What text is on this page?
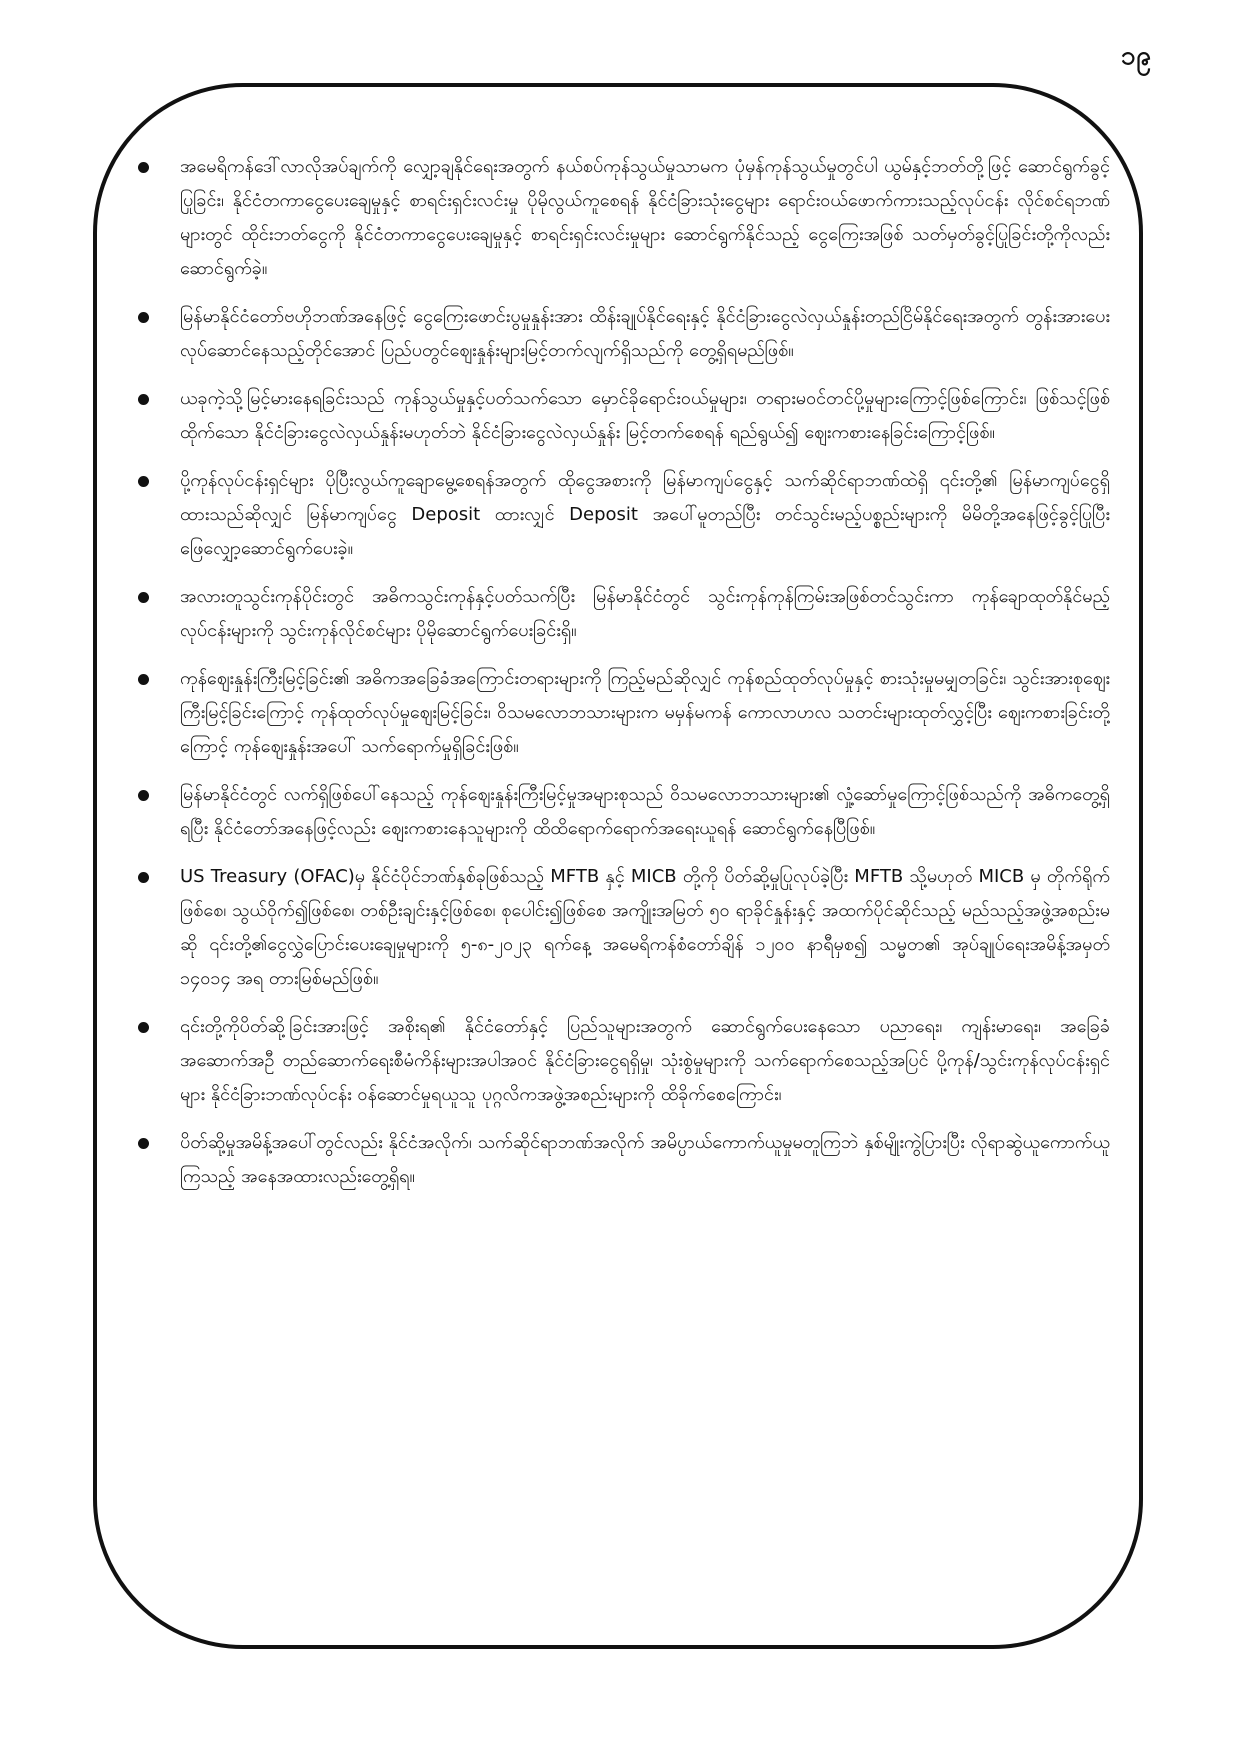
၁၉
အမေရိကန်ဒေါ်လာလိုအပ်ချက်ကို လျှော့ချနိုင်ရေးအတွက် နယ်စပ်ကုန်သွယ်မှုသာမက ပုံမှန်ကုန်သွယ်မှုတွင်ပါ ယွမ်နှင့်ဘတ်တို့ဖြင့် ဆောင်ရွက်ခွင့်ပြုခြင်း၊ နိုင်ငံတကာငွေပေးချေမှုနှင့် စာရင်းရှင်းလင်းမှု ပိုမိုလွယ်ကူစေရန် နိုင်ငံခြားသုံးငွေများ ရောင်းဝယ်ဖောက်ကားသည့်လုပ်ငန်း လိုင်စင်ရဘဏ်များတွင် ထိုင်းဘတ်ငွေကို နိုင်ငံတကာငွေပေးချေမှုနှင့် စာရင်းရှင်းလင်းမှုများ ဆောင်ရွက်နိုင်သည့် ငွေကြေးအဖြစ် သတ်မှတ်ခွင့်ပြုခြင်းတို့ကိုလည်း ဆောင်ရွက်ခဲ့။
မြန်မာနိုင်ငံတော်ဗဟိုဘဏ်အနေဖြင့် ငွေကြေးဖောင်းပွမှုနှုန်းအား ထိန်းချုပ်နိုင်ရေးနှင့် နိုင်ငံခြားငွေလဲလှယ်နှုန်းတည်ငြိမ်နိုင်ရေးအတွက် တွန်းအားပေးလုပ်ဆောင်နေသည့်တိုင်အောင် ပြည်ပတွင်ဈေးနှုန်းများမြင့်တက်လျက်ရှိသည်ကို တွေ့ရှိရမည်ဖြစ်။
ယခုကဲ့သို့မြင့်မားနေရခြင်းသည် ကုန်သွယ်မှုနှင့်ပတ်သက်သော မှောင်ခိုရောင်းဝယ်မှုများ၊ တရားမဝင်တင်ပို့မှုများကြောင့်ဖြစ်ကြောင်း၊ ဖြစ်သင့်ဖြစ်ထိုက်သော နိုင်ငံခြားငွေလဲလှယ်နှုန်းမဟုတ်ဘဲ နိုင်ငံခြားငွေလဲလှယ်နှုန်း မြင့်တက်စေရန် ရည်ရွယ်၍ ဈေးကစားနေခြင်းကြောင့်ဖြစ်။
ပို့ကုန်လုပ်ငန်းရှင်များ ပိုပြီးလွယ်ကူချောမွေ့စေရန်အတွက် ထိုငွေအစားကို မြန်မာကျပ်ငွေနှင့် သက်ဆိုင်ရာဘဏ်ထဲရှိ ၎င်းတို့၏ မြန်မာကျပ်ငွေရှိထားသည်ဆိုလျှင် မြန်မာကျပ်ငွေ Deposit ထားလျှင် Deposit အပေါ်မူတည်ပြီး တင်သွင်းမည့်ပစ္စည်းများကို မိမိတို့အနေဖြင့်ခွင့်ပြုပြီး ဖြေလျှော့ဆောင်ရွက်ပေးခဲ့။
အလားတူသွင်းကုန်ပိုင်းတွင် အဓိကသွင်းကုန်နှင့်ပတ်သက်ပြီး မြန်မာနိုင်ငံတွင် သွင်းကုန်ကုန်ကြမ်းအဖြစ်တင်သွင်းကာ ကုန်ချောထုတ်နိုင်မည့်လုပ်ငန်းများကို သွင်းကုန်လိုင်စင်များ ပိုမိုဆောင်ရွက်ပေးခြင်းရှိ။
ကုန်ဈေးနှုန်းကြီးမြင့်ခြင်း၏ အဓိကအခြေခံအကြောင်းတရားများကို ကြည့်မည်ဆိုလျှင် ကုန်စည်ထုတ်လုပ်မှုနှင့် စားသုံးမှုမမျှတခြင်း၊ သွင်းအားစုဈေးကြီးမြင့်ခြင်းကြောင့် ကုန်ထုတ်လုပ်မှုဈေးမြင့်ခြင်း၊ ဝိသမလောဘသားများက မမှန်မကန် ကောလာဟလ သတင်းများထုတ်လွှင့်ပြီး ဈေးကစားခြင်းတို့ကြောင့် ကုန်ဈေးနှုန်းအပေါ် သက်ရောက်မှုရှိခြင်းဖြစ်။
မြန်မာနိုင်ငံတွင် လက်ရှိဖြစ်ပေါ်နေသည့် ကုန်ဈေးနှုန်းကြီးမြင့်မှုအများစုသည် ဝိသမလောဘသားများ၏ လှုံ့ဆော်မှုကြောင့်ဖြစ်သည်ကို အဓိကတွေ့ရှိရပြီး နိုင်ငံတော်အနေဖြင့်လည်း ဈေးကစားနေသူများကို ထိထိရောက်ရောက်အရေးယူရန် ဆောင်ရွက်နေပြီဖြစ်။
US Treasury (OFAC)မှ နိုင်ငံပိုင်ဘဏ်နှစ်ခုဖြစ်သည့် MFTB နှင့် MICB တို့ကို ပိတ်ဆို့မှုပြုလုပ်ခဲ့ပြီး MFTB သို့မဟုတ် MICB မှ တိုက်ရိုက်ဖြစ်စေ၊ သွယ်ဝိုက်၍ဖြစ်စေ၊ တစ်ဦးချင်းနှင့်ဖြစ်စေ၊ စုပေါင်း၍ဖြစ်စေ အကျိုးအမြတ် ၅၀ ရာခိုင်နှုန်းနှင့် အထက်ပိုင်ဆိုင်သည့် မည်သည့်အဖွဲ့အစည်းမဆို ၎င်းတို့၏ငွေလွှဲပြောင်းပေးချေမှုများကို ၅-၈-၂၀၂၃ ရက်နေ့ အမေရိကန်စံတော်ချိန် ၁၂၀၀ နာရီမှစ၍ သမ္မတ၏ အုပ်ချုပ်ရေးအမိန့်အမှတ် ၁၄၀၁၄ အရ တားမြစ်မည်ဖြစ်။
၎င်းတို့ကိုပိတ်ဆို့ခြင်းအားဖြင့် အစိုးရ၏ နိုင်ငံတော်နှင့် ပြည်သူများအတွက် ဆောင်ရွက်ပေးနေသော ပညာရေး၊ ကျန်းမာရေး၊ အခြေခံအဆောက်အဦ တည်ဆောက်ရေးစီမံကိန်းများအပါအဝင် နိုင်ငံခြားငွေရရှိမှု၊ သုံးစွဲမှုများကို သက်ရောက်စေသည့်အပြင် ပို့ကုန်/သွင်းကုန်လုပ်ငန်းရှင်များ နိုင်ငံခြားဘဏ်လုပ်ငန်း ဝန်ဆောင်မှုရယူသူ ပုဂ္ဂလိကအဖွဲ့အစည်းများကို ထိခိုက်စေကြောင်း၊
ပိတ်ဆို့မှုအမိန့်အပေါ်တွင်လည်း နိုင်ငံအလိုက်၊ သက်ဆိုင်ရာဘဏ်အလိုက် အမိပ္ပာယ်ကောက်ယူမှုမတူကြဘဲ နှစ်မျိုးကွဲပြားပြီး လိုရာဆွဲယူကောက်ယူကြသည့် အနေအထားလည်းတွေ့ရှိရ။
